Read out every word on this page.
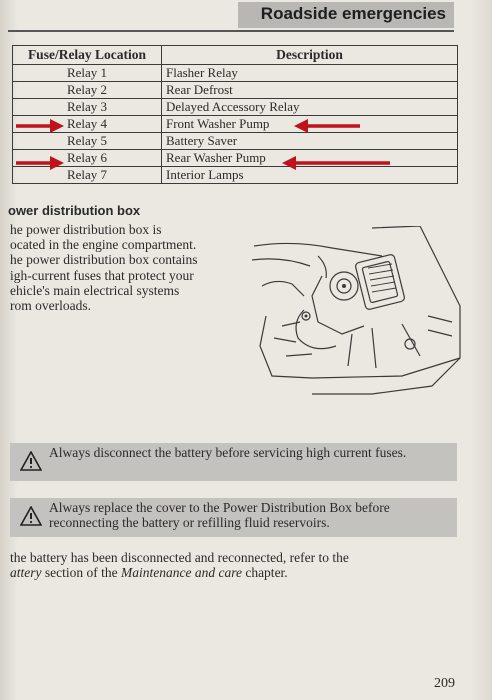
Roadside emergencies
Fuse/Relay Location	Description
Relay 1	Flasher Relay
Relay 2	Rear Defrost
Relay 3	Delayed Accessory Relay
Relay 4	Front Washer Pump
Relay 5	Battery Saver
Relay 6	Rear Washer Pump
Relay 7	Interior Lamps
ower distribution box
he power distribution box is
ocated in the engine compartment.
he power distribution box contains
igh-current fuses that protect your
ehicle's main electrical systems
rom overloads.
Always disconnect the battery before servicing high current fuses.
Always replace the cover to the Power Distribution Box before reconnecting the battery or refilling fluid reservoirs.
the battery has been disconnected and reconnected, refer to the
attery section of the Maintenance and care chapter.
209
